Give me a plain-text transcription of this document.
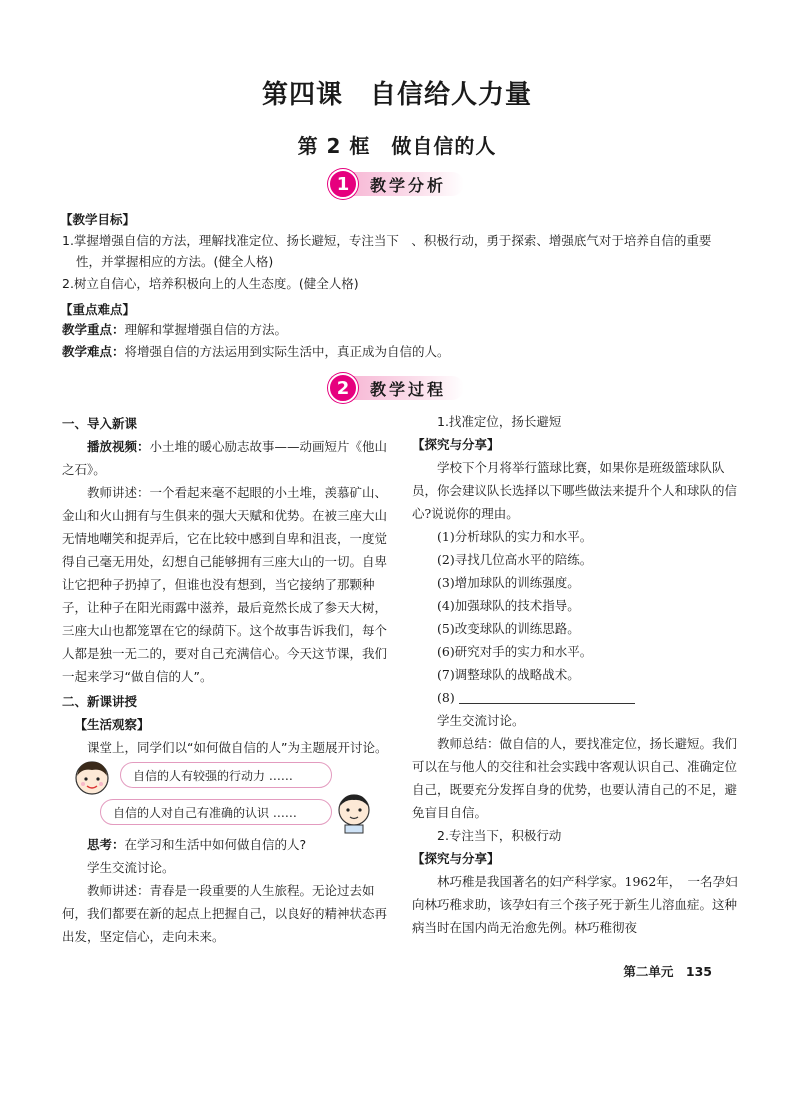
第四课　自信给人力量
第 2 框　做自信的人
1	教学分析
【教学目标】
1.掌握增强自信的方法，理解找准定位、扬长避短，专注当下　、积极行动，勇于探索、增强底气对于培养自信的重要
性，并掌握相应的方法。(健全人格)
2.树立自信心，培养积极向上的人生态度。(健全人格)
【重点难点】
教学重点：理解和掌握增强自信的方法。
教学难点：将增强自信的方法运用到实际生活中，真正成为自信的人。
2	教学过程

一、导入新课

播放视频：小土堆的暖心励志故事——动画短片《他山之石》。

教师讲述：一个看起来毫不起眼的小土堆，羡慕矿山、金山和火山拥有与生俱来的强大天赋和优势。在被三座大山无情地嘲笑和捉弄后，它在比较中感到自卑和沮丧，一度觉得自己毫无用处，幻想自己能够拥有三座大山的一切。自卑让它把种子扔掉了，但谁也没有想到，当它接纳了那颗种子，让种子在阳光雨露中滋养，最后竟然长成了参天大树，三座大山也都笼罩在它的绿荫下。这个故事告诉我们，每个人都是独一无二的，要对自己充满信心。今天这节课，我们一起来学习“做自信的人”。

二、新课讲授

【生活观察】

课堂上，同学们以“如何做自信的人”为主题展开讨论。

自信的人有较强的行动力 ……
自信的人对自己有准确的认识 ……

思考：在学习和生活中如何做自信的人?

学生交流讨论。

教师讲述：青春是一段重要的人生旅程。无论过去如何，我们都要在新的起点上把握自己，以良好的精神状态再出发，坚定信心，走向未来。

1.找准定位，扬长避短

【探究与分享】

学校下个月将举行篮球比赛，如果你是班级篮球队队员，你会建议队长选择以下哪些做法来提升个人和球队的信心?说说你的理由。

(1)分析球队的实力和水平。

(2)寻找几位高水平的陪练。

(3)增加球队的训练强度。

(4)加强球队的技术指导。

(5)改变球队的训练思路。

(6)研究对手的实力和水平。

(7)调整球队的战略战术。

(8)

学生交流讨论。

教师总结：做自信的人，要找准定位，扬长避短。我们可以在与他人的交往和社会实践中客观认识自己、准确定位自己，既要充分发挥自身的优势，也要认清自己的不足，避免盲目自信。

2.专注当下，积极行动

【探究与分享】

林巧稚是我国著名的妇产科学家。1962年，　一名孕妇向林巧稚求助，该孕妇有三个孩子死于新生儿溶血症。这种病当时在国内尚无治愈先例。林巧稚彻夜

第二单元　135
